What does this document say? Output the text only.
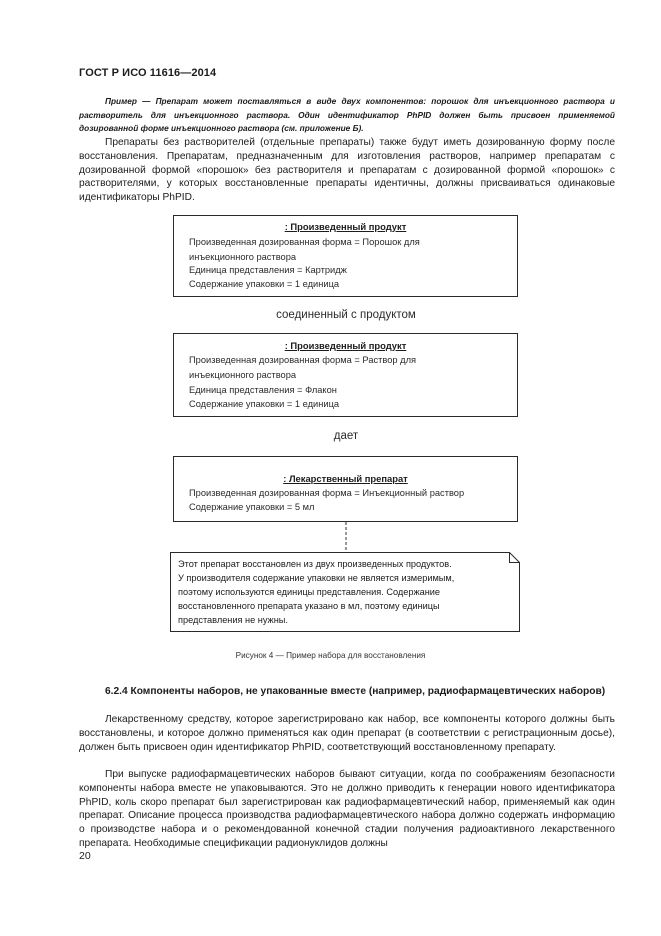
ГОСТ Р ИСО 11616—2014
Пример — Препарат может поставляться в виде двух компонентов: порошок для инъекционного раствора и растворитель для инъекционного раствора. Один идентификатор PhPID должен быть присвоен применяемой дозированной форме инъекционного раствора (см. приложение Б).
Препараты без растворителей (отдельные препараты) также будут иметь дозированную форму после восстановления. Препаратам, предназначенным для изготовления растворов, например препаратам с дозированной формой «порошок» без растворителя и препаратам с дозированной формой «порошок» с растворителями, у которых восстановленные препараты идентичны, должны присваиваться одинаковые идентификаторы PhPID.
: Произведенный продукт
Произведенная дозированная форма = Порошок для
инъекционного раствора
Единица представления = Картридж
Содержание упаковки = 1 единица
соединенный с продуктом
: Произведенный продукт
Произведенная дозированная форма = Раствор для
инъекционного раствора
Единица представления = Флакон
Содержание упаковки = 1 единица
дает
: Лекарственный препарат
Произведенная дозированная форма = Инъекционный раствор
Содержание упаковки = 5 мл
Этот препарат восстановлен из двух произведенных продуктов.
У производителя содержание упаковки не является измеримым,
поэтому используются единицы представления. Содержание
восстановленного препарата указано в мл, поэтому единицы
представления не нужны.
Рисунок 4 — Пример набора для восстановления
6.2.4 Компоненты наборов, не упакованные вместе (например, радиофармацевтических наборов)
Лекарственному средству, которое зарегистрировано как набор, все компоненты которого должны быть восстановлены, и которое должно применяться как один препарат (в соответствии с регистрационным досье), должен быть присвоен один идентификатор PhPID, соответствующий восстановленному препарату.
При выпуске радиофармацевтических наборов бывают ситуации, когда по соображениям безопасности компоненты набора вместе не упаковываются. Это не должно приводить к генерации нового идентификатора PhPID, коль скоро препарат был зарегистрирован как радиофармацевтический набор, применяемый как один препарат. Описание процесса производства радиофармацевтического набора должно содержать информацию о производстве набора и о рекомендованной конечной стадии получения радиоактивного лекарственного препарата. Необходимые спецификации радионуклидов должны
20
